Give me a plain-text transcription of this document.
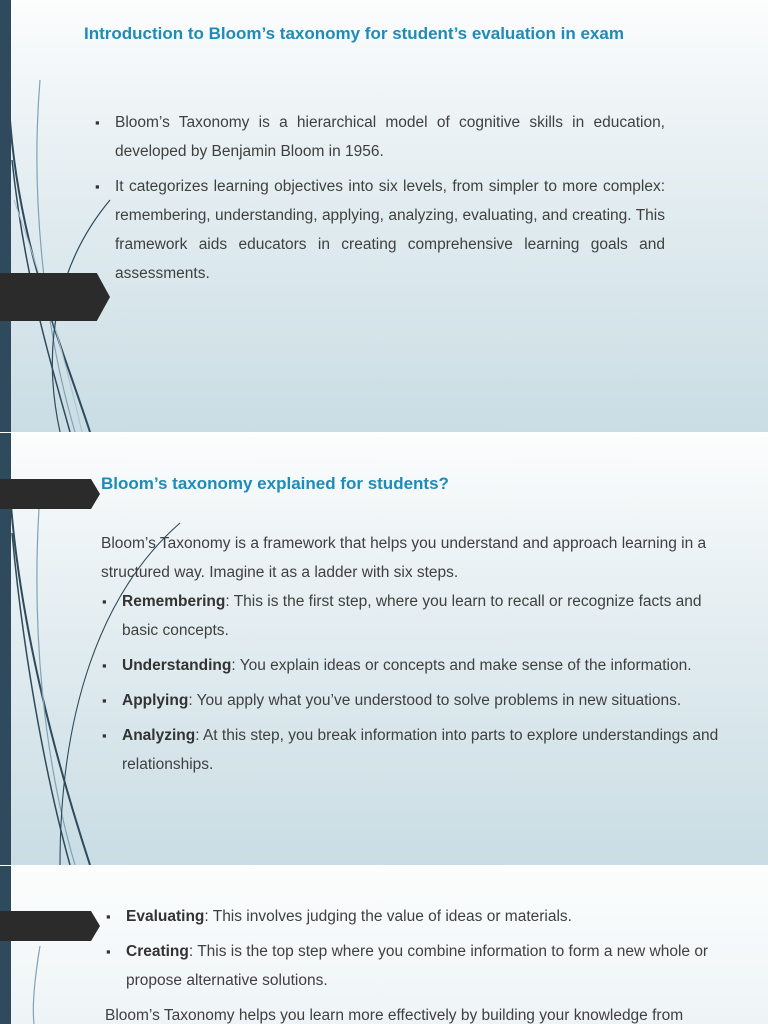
Introduction to Bloom’s taxonomy for student’s evaluation in exam
▪ Bloom’s Taxonomy is a hierarchical model of cognitive skills in education, developed by Benjamin Bloom in 1956.
▪ It categorizes learning objectives into six levels, from simpler to more complex: remembering, understanding, applying, analyzing, evaluating, and creating. This framework aids educators in creating comprehensive learning goals and assessments.
Bloom’s taxonomy explained for students?

Bloom’s Taxonomy is a framework that helps you understand and approach learning in a structured way. Imagine it as a ladder with six steps.

▪ Remembering: This is the first step, where you learn to recall or recognize facts and basic concepts.
▪ Understanding: You explain ideas or concepts and make sense of the information.
▪ Applying: You apply what you’ve understood to solve problems in new situations.
▪ Analyzing: At this step, you break information into parts to explore understandings and relationships.
▪ Evaluating: This involves judging the value of ideas or materials.
▪ Creating: This is the top step where you combine information to form a new whole or propose alternative solutions.

Bloom’s Taxonomy helps you learn more effectively by building your knowledge from
